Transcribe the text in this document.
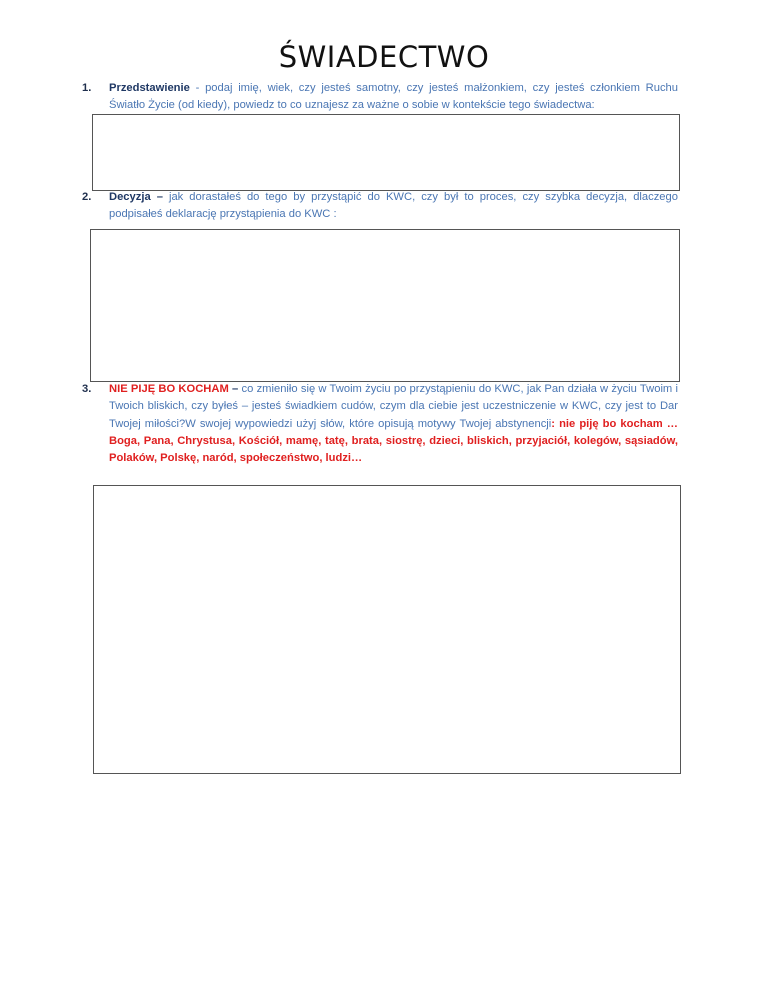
ŚWIADECTWO
1. Przedstawienie - podaj imię, wiek, czy jesteś samotny, czy jesteś małżonkiem, czy jesteś członkiem Ruchu Światło Życie (od kiedy), powiedz to co uznajesz za ważne o sobie w kontekście tego świadectwa:
2. Decyzja – jak dorastałeś do tego by przystąpić do KWC, czy był to proces, czy szybka decyzja, dlaczego podpisałeś deklarację przystąpienia do KWC :
3. NIE PIJĘ BO KOCHAM – co zmieniło się w Twoim życiu po przystąpieniu do KWC, jak Pan działa w życiu Twoim i Twoich bliskich, czy byłeś – jesteś świadkiem cudów, czym dla ciebie jest uczestniczenie w KWC, czy jest to Dar Twojej miłości?W swojej wypowiedzi użyj słów, które opisują motywy Twojej abstynencji: nie piję bo kocham …Boga, Pana, Chrystusa, Kościół, mamę, tatę, brata, siostrę, dzieci, bliskich, przyjaciół, kolegów, sąsiadów, Polaków, Polskę, naród, społeczeństwo, ludzi…
